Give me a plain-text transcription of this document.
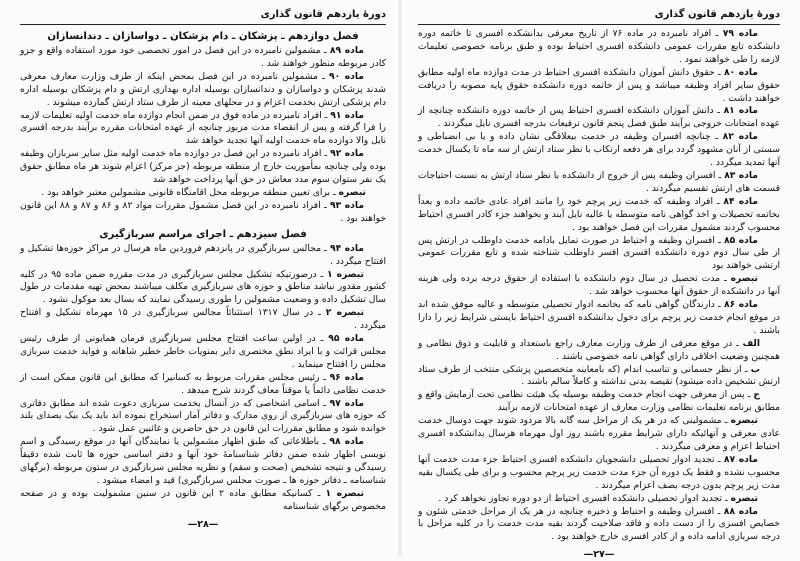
دورهٔ یازدهم قانون گذاری

فصل دوازدهم ـ پزشکان ـ دام پزشکان ـ دواسازان ـ دندانسازان

ماده ۸۹ ـ مشمولین نامبرده در این فصل در امور تخصصی خود مورد استفاده واقع و جزو کادر مربوطه منظور خواهند شد .

ماده ۹۰ ـ مشمولین نامبرده در این فصل بمحض اینکه از طرف وزارت معارف معرفی شدند پزشکان و دواسازان و دندانسازان بوسیله اداره بهداری ارتش و دام پزشکان بوسیله اداره دام پزشکی ارتش بخدمت اعزام و در محلهای معینه از طرف ستاد ارتش گمارده میشوند .

ماده ۹۱ ـ افراد نامبرده در ماده فوق در ضمن انجام دوازده ماه خدمت اولیه تعلیمات لازمه را فرا گرفته و پس از انقضاء مدت مزبور چنانچه از عهده امتحانات مقرره برآیند بدرجه افسری نایل والا دوازده ماه خدمت اولیه آنها تجدید خواهد شد

ماده ۹۲ ـ افراد نامبرده در این فصل در دوازده ماه خدمت اولیه مثل سایر سربازان وظیفه بوده ولی چنانچه بمأموریت خارج از منطقه مربوطه (جز مرکز) اعزام شوند هر ماه مطابق حقوق یک نفر ستوان سوم مدد معاش در حق آنها پرداخت خواهد شد

تبصره ـ برای تعیین منطقه مربوطه محل اقامتگاه قانونی مشمولین معتبر خواهد بود .

ماده ۹۳ ـ افراد نامبرده در این فصل مشمول مقررات مواد ۸۲ و ۸۶ و ۸۷ و ۸۸ این قانون خواهند بود .

فصل سیزدهم ـ اجرای مراسم سربازگیری

ماده ۹۴ ـ مجالس سربازگیری در پانزدهم فروردین ماه هرسال در مراکز حوزه‌ها تشکیل و افتتاح میگردد .

تبصره ۱ ـ درصورتیکه تشکیل مجلس سربازگیری در مدت مقرره ضمن ماده ۹۵ در کلیه کشور مقدور نباشد مناطق و حوزه های سربازگیری مکلف میباشند بمحض تهیه مقدمات در طول سال تشکیل داده و وضعیت مشمولین را طوری رسیدگی نمایند که بسال بعد موکول نشود .

تبصره ۲ ـ در سال ۱۳۱۷ استثنائاً مجالس سربازگیری در ۱۵ مهرماه تشکیل و افتتاح میگردد .

ماده ۹۵ ـ در اولین ساعت افتتاح مجلس سربازگیری فرمان همایونی از طرف رئیس مجلس قرائت و با ایراد نطق مختصری دایر بمنویات خاطر خطیر شاهانه و فواید خدمت سربازی مجلس را افتتاح مینماید .

ماده ۹۶ ـ رئیس مجلس مقررات مربوط به کسانیرا که مطابق این قانون ممکن است از خدمت نظامی دائماً یا موقتاً معاف گردند شرح میدهد .

ماده ۹۷ ـ اسامی اشخاصی که در آنسال بخدمت سربازی دعوت شده اند مطابق دفاتری که حوزه های سربازگیری از روی مدارک و دفاتر آمار استخراج نموده اند باید یک بیک بصدای بلند خوانده شود و مطابق مقررات این قانون در حق حاضرین و غائبین عمل شود .

ماده ۹۸ ـ باطلاعاتی که طبق اظهار مشمولین یا نمایندگان آنها در موقع رسیدگی و اسم نویسی اظهار شده ضمن دفاتر شناسنامهٔ خود آنها و دفتر اساسی حوزه ها ثابت شده دقیقاً رسیدگی و نتیجه تشخیص (صحت و سقم) و نظریه مجلس سربازگیری در ستون مربوطه (برگهای شناسنامه ـ دفاتر حوزه ها ـ صورت مجلس سربازگیری) قید و امضاء میشود .

تبصره ۱ ـ کسانیکه مطابق ماده ۲ این قانون در سنین مشمولیت بوده و در صفحه مخصوص برگهای شناسنامه

—۲۸—
دورهٔ یازدهم قانون گذاری

ماده ۷۹ ـ افراد نامبرده در ماده ۷۶ از تاریخ معرفی بدانشکده افسری تا خاتمه دوره دانشکده تابع مقررات عمومی دانشکده افسری احتیاط بوده و طبق برنامه خصوصی تعلیمات لازمه را طی خواهند نمود .

ماده ۸۰ ـ حقوق دانش آموزان دانشکده افسری احتیاط در مدت دوازده ماه اولیه مطابق حقوق سایر افراد وظیفه میباشد و پس از خاتمه دوره دانشکده حقوق پایه مصوبه را دریافت خواهند داشت .

ماده ۸۱ ـ دانش آموزان دانشکده افسری احتیاط پس از خاتمه دوره دانشکده چنانچه از عهده امتحانات خروجی برآیند طبق فصل پنجم قانون ترفیعات بدرجه افسری نایل میگردند .

ماده ۸۲ ـ چنانچه افسران وظیفه در خدمت بیعلاقگی نشان داده و یا بی انضباطی و سستی از آنان مشهود گردد برای هر دفعه ارتکاب با نظر ستاد ارتش از سه ماه تا یکسال خدمت آنها تمدید میگردد .

ماده ۸۳ ـ افسران وظیفه پس از خروج از دانشکده با نظر ستاد ارتش به نسبت احتیاجات قسمت های ارتش تقسیم میگردند .

ماده ۸۴ ـ افراد وظیفه که خدمت زیر پرچم خود را مانند افراد عادی خاتمه داده و بعداً بخاتمه تحصیلات و اخذ گواهی نامه متوسطه یا عالیه نایل آیند و بخواهند جزء کادر افسری احتیاط محسوب گردند مشمول مقررات این فصل خواهند بود .

ماده ۸۵ ـ افسران وظیفه و احتیاط در صورت تمایل بادامه خدمت داوطلب در ارتش پس از طی سال دوم دوره دانشکده افسری افسر داوطلب شناخته شده و تابع مقررات عمومی ارتشی خواهند بود

تبصره ـ مدت تحصیل در سال دوم دانشکده با استفاده از حقوق درجه برده ولی هزینه آنها در دانشکده از حقوق آنها محسوب خواهد شد .

ماده ۸۶ ـ دارندگان گواهی نامه که بخاتمه ادوار تحصیلی متوسطه و عالیه موفق شده اند در موقع انجام خدمت زیر پرچم برای دخول بدانشکده افسری احتیاط بایستی شرایط زیر را دارا باشند .

الف ـ در موقع معرفی از طرف وزارت معارف راجع باستعداد و قابلیت و ذوق نظامی و همچنین وضعیت اخلاقی دارای گواهی نامه خصوصی باشند .

ب ـ از نظر جسمانی و تناسب اندام (که بامعاینه متخصصین پزشکی منتخب از طرف ستاد ارتش تشخیص داده میشود) نقیصه بدنی نداشته و کاملاً سالم باشند .

ج ـ پس از معرفی جهت انجام خدمت وظیفه بوسیله یک هیئت نظامی تحت آزمایش واقع و مطابق برنامه تعلیمات نظامی وزارت معارف از عهده امتحانات لازمه برآیند

تبصره ـ مشمولینی که در هر یک از مراحل سه گانه بالا مردود شوند جهت دوسال خدمت عادی معرفی و آنهائیکه دارای شرایط مقرره باشند روز اول مهرماه هرسال بدانشکده افسری احتیاط اعزام و معرفی میگردند .

ماده ۸۷ ـ تجدید ادوار تحصیلی دانشجویان دانشکده افسری احتیاط جزء مدت خدمت آنها محسوب نشده و فقط یک دوره آن جزء مدت خدمت زیر پرچم محسوب و برای طی یکسال بقیه مدت زیر پرچم بدون درجه بصف اعزام میگردند .

تبصره ـ تجدید ادوار تحصیلی دانشکده افسری احتیاط از دو دوره تجاوز نخواهد کرد .

ماده ۸۸ ـ افسران وظیفه و احتیاط و ذخیره چنانچه در هر یک از مراحل خدمتی شئون و خصایص افسری را از دست داده و فاقد صلاحیت گردند بقیه مدت خدمت را در کلیه مراحل با درجه سربازی ادامه داده و از کادر افسری خارج خواهند بود .

—۲۷—
